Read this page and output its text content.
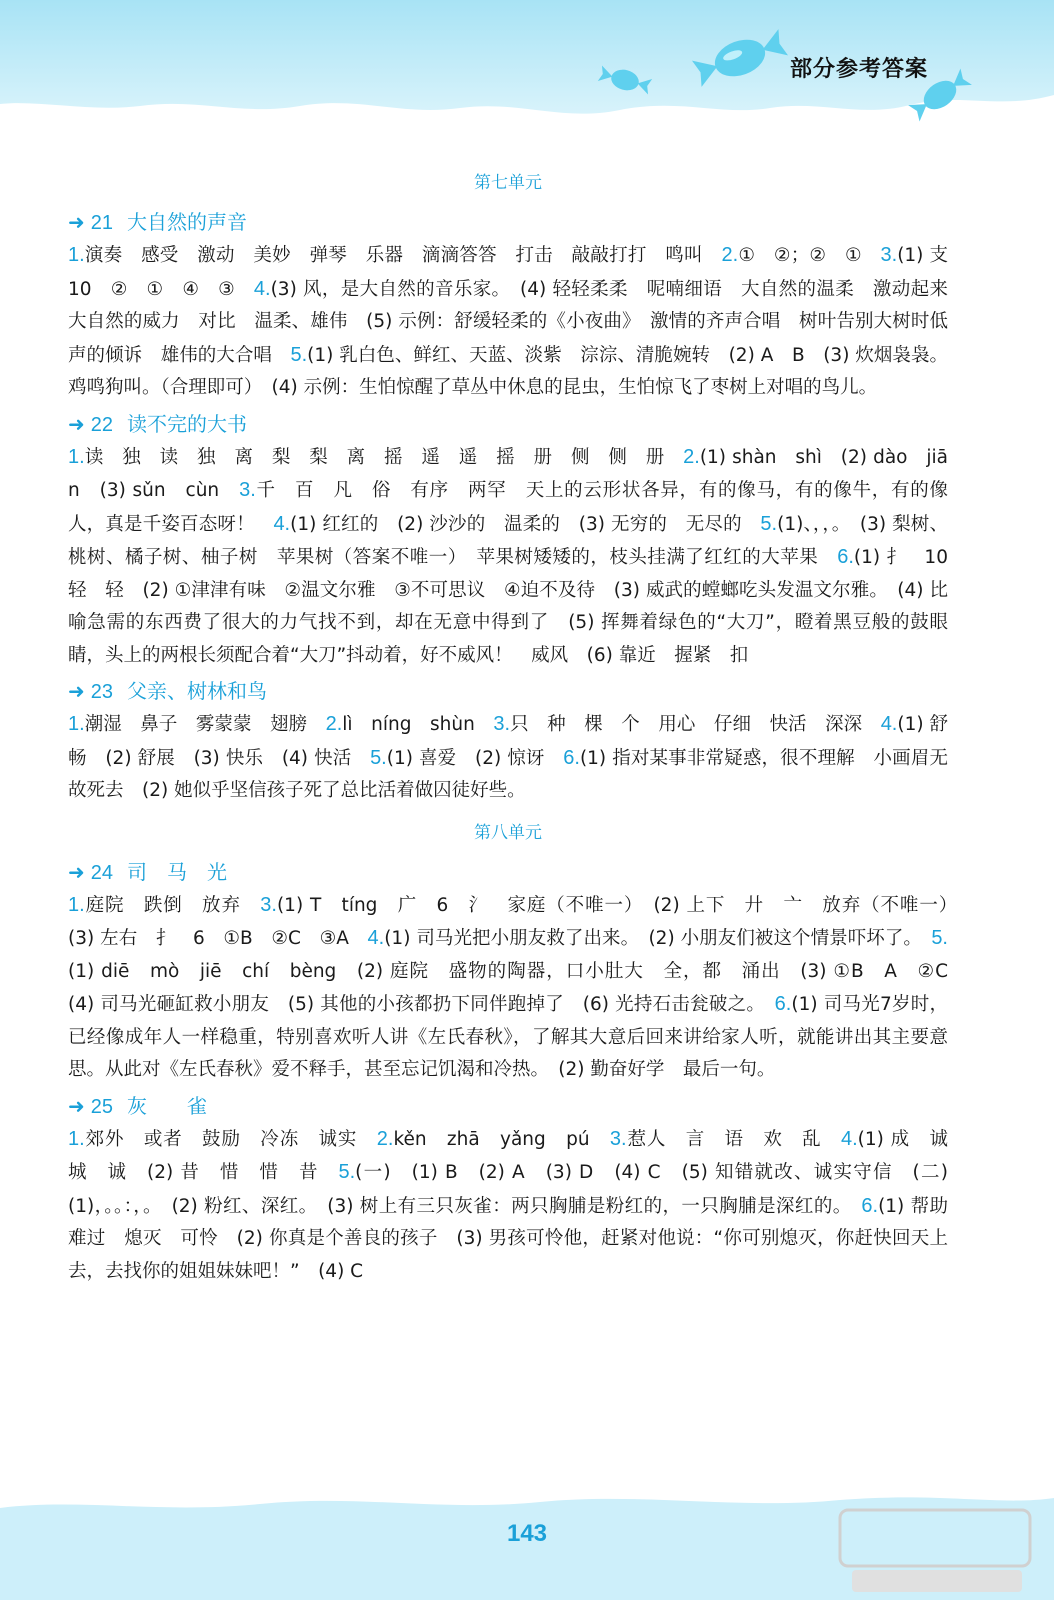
部分参考答案
第七单元
➜ 21 大自然的声音
1.演奏　感受　激动　美妙　弹琴　乐器　滴滴答答　打击　敲敲打打　鸣叫　2.①　②；②　①　3.(1) 支　10　②　①　④　③　4.(3) 风，是大自然的音乐家。　(4) 轻轻柔柔　呢喃细语　大自然的温柔　激动起来　大自然的威力　对比　温柔、雄伟　(5) 示例：舒缓轻柔的《小夜曲》　激情的齐声合唱　树叶告别大树时低声的倾诉　雄伟的大合唱　5.(1) 乳白色、鲜红、天蓝、淡紫　淙淙、清脆婉转　(2) A　B　(3) 炊烟袅袅。鸡鸣狗叫。（合理即可）　(4) 示例：生怕惊醒了草丛中休息的昆虫，生怕惊飞了枣树上对唱的鸟儿。
➜ 22 读不完的大书
1.读　独　读　独　离　梨　梨　离　摇　遥　遥　摇　册　侧　侧　册　2.(1) shàn　shì　(2) dào　jiān　(3) sǔn　cùn　3.千　百　凡　俗　有序　两罕　天上的云形状各异，有的像马，有的像牛，有的像人，真是千姿百态呀！　4.(1) 红红的　(2) 沙沙的　温柔的　(3) 无穷的　无尽的　5.(1)、，，。　(3) 梨树、桃树、橘子树、柚子树　苹果树（答案不唯一）　苹果树矮矮的，枝头挂满了红红的大苹果　6.(1) 扌　10　轻　轻　(2) ①津津有味　②温文尔雅　③不可思议　④迫不及待　(3) 威武的螳螂吃头发温文尔雅。　(4) 比喻急需的东西费了很大的力气找不到，却在无意中得到了　(5) 挥舞着绿色的“大刀”，瞪着黑豆般的鼓眼睛，头上的两根长须配合着“大刀”抖动着，好不威风！　威风　(6) 靠近　握紧　扣
➜ 23 父亲、树林和鸟
1.潮湿　鼻子　雾蒙蒙　翅膀　2.lì　níng　shùn　3.只　种　棵　个　用心　仔细　快活　深深　4.(1) 舒畅　(2) 舒展　(3) 快乐　(4) 快活　5.(1) 喜爱　(2) 惊讶　6.(1) 指对某事非常疑惑，很不理解　小画眉无故死去　(2) 她似乎坚信孩子死了总比活着做囚徒好些。
第八单元
➜ 24 司　马　光
1.庭院　跌倒　放弃　3.(1) T　tíng　广　6　氵　家庭（不唯一）　(2) 上下　廾　亠　放弃（不唯一）　(3) 左右　扌　6　①B　②C　③A　4.(1) 司马光把小朋友救了出来。　(2) 小朋友们被这个情景吓坏了。　5.(1) diē　mò　jiē　chí　bèng　(2) 庭院　盛物的陶器，口小肚大　全，都　涌出　(3) ①B　A　②C　(4) 司马光砸缸救小朋友　(5) 其他的小孩都扔下同伴跑掉了　(6) 光持石击瓮破之。　6.(1) 司马光7岁时，已经像成年人一样稳重，特别喜欢听人讲《左氏春秋》，了解其大意后回来讲给家人听，就能讲出其主要意思。从此对《左氏春秋》爱不释手，甚至忘记饥渴和冷热。　(2) 勤奋好学　最后一句。
➜ 25 灰　　雀
1.郊外　或者　鼓励　冷冻　诚实　2.kěn　zhā　yǎng　pú　3.惹人　言　语　欢　乱　4.(1) 成　诚　城　诚　(2) 昔　惜　惜　昔　5.(一)　(1) B　(2) A　(3) D　(4) C　(5) 知错就改、诚实守信　(二)　(1)，。。：，。　(2) 粉红、深红。　(3) 树上有三只灰雀：两只胸脯是粉红的，一只胸脯是深红的。　6.(1) 帮助　难过　熄灭　可怜　(2) 你真是个善良的孩子　(3) 男孩可怜他，赶紧对他说：“你可别熄灭，你赶快回天上去，去找你的姐姐妹妹吧！”　(4) C
143
